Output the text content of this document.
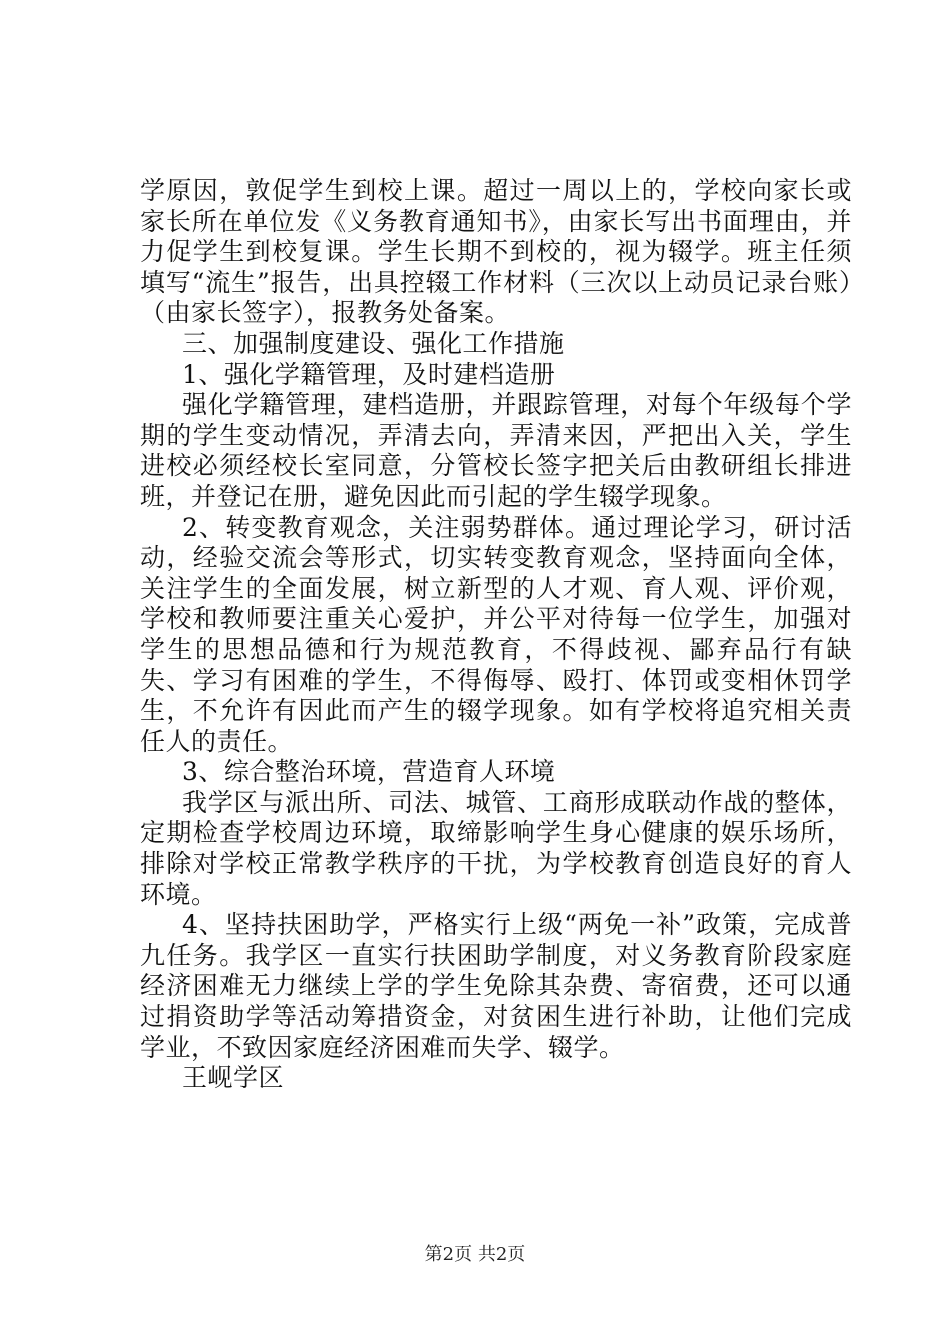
学原因，敦促学生到校上课。超过一周以上的，学校向家长或家长所在单位发《义务教育通知书》，由家长写出书面理由，并力促学生到校复课。学生长期不到校的，视为辍学。班主任须填写“流生”报告，出具控辍工作材料（三次以上动员记录台账）（由家长签字），报教务处备案。

三、加强制度建设、强化工作措施

1、强化学籍管理，及时建档造册

强化学籍管理，建档造册，并跟踪管理，对每个年级每个学期的学生变动情况，弄清去向，弄清来因，严把出入关，学生进校必须经校长室同意，分管校长签字把关后由教研组长排进班，并登记在册，避免因此而引起的学生辍学现象。

2、转变教育观念，关注弱势群体。通过理论学习，研讨活动，经验交流会等形式，切实转变教育观念，坚持面向全体，关注学生的全面发展，树立新型的人才观、育人观、评价观，学校和教师要注重关心爱护，并公平对待每一位学生，加强对学生的思想品德和行为规范教育，不得歧视、鄙弃品行有缺失、学习有困难的学生，不得侮辱、殴打、体罚或变相休罚学生，不允许有因此而产生的辍学现象。如有学校将追究相关责任人的责任。

3、综合整治环境，营造育人环境

我学区与派出所、司法、城管、工商形成联动作战的整体，定期检查学校周边环境，取缔影响学生身心健康的娱乐场所，排除对学校正常教学秩序的干扰，为学校教育创造良好的育人环境。

4、坚持扶困助学，严格实行上级“两免一补”政策，完成普九任务。我学区一直实行扶困助学制度，对义务教育阶段家庭经济困难无力继续上学的学生免除其杂费、寄宿费，还可以通过捐资助学等活动筹措资金，对贫困生进行补助，让他们完成学业，不致因家庭经济困难而失学、辍学。

王岘学区

第2页 共2页
